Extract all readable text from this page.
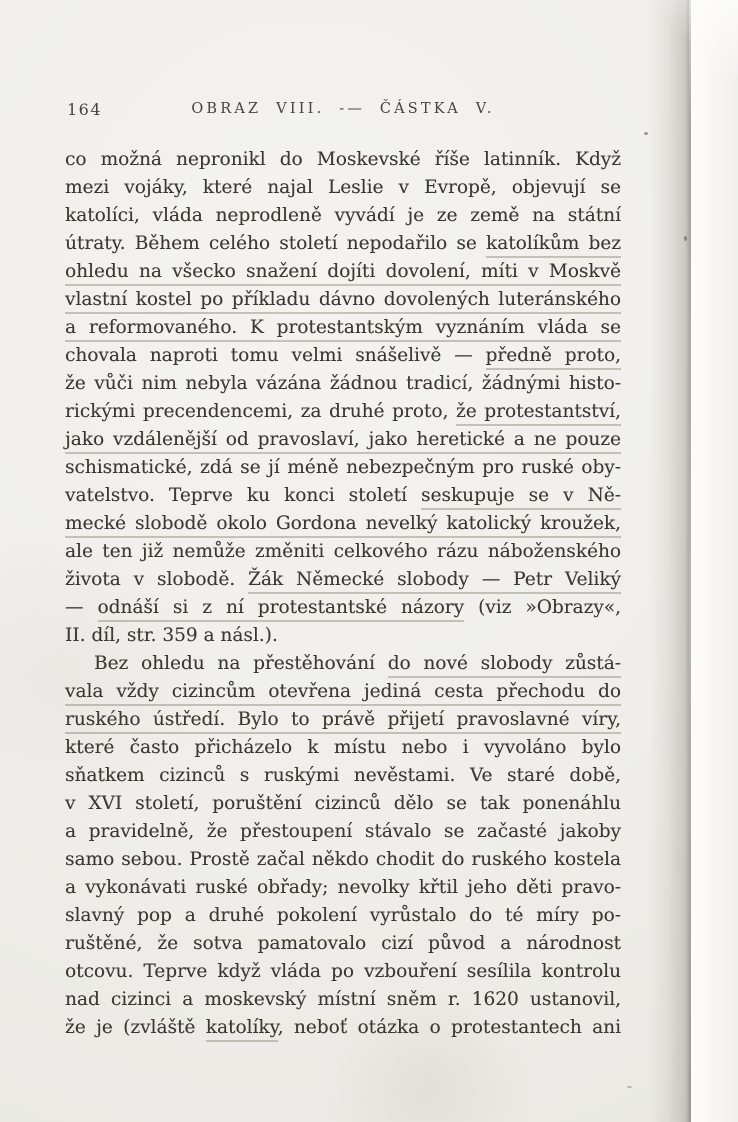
164	OBRAZ VIII. -— ČÁSTKA V.
co možná nepronikl do Moskevské říše latinník. Když
mezi vojáky, které najal Leslie v Evropě, objevují se
katolíci, vláda neprodleně vyvádí je ze země na státní
útraty. Během celého století nepodařilo se katolíkům bez
ohledu na všecko snažení dojíti dovolení, míti v Moskvě
vlastní kostel po příkladu dávno dovolených luteránského
a reformovaného. K protestantským vyznáním vláda se
chovala naproti tomu velmi snášelivě — předně proto,
že vůči nim nebyla vázána žádnou tradicí, žádnými histo-
rickými precendencemi, za druhé proto, že protestantství,
jako vzdálenější od pravoslaví, jako heretické a ne pouze
schismatické, zdá se jí méně nebezpečným pro ruské oby-
vatelstvo. Teprve ku konci století seskupuje se v Ně-
mecké slobodě okolo Gordona nevelký katolický kroužek,
ale ten již nemůže změniti celkového rázu náboženského
života v slobodě. Žák Německé slobody — Petr Veliký
— odnáší si z ní protestantské názory (viz »Obrazy«,
II. díl, str. 359 a násl.).
Bez ohledu na přestěhování do nové slobody zůstá-
vala vždy cizincům otevřena jediná cesta přechodu do
ruského ústředí. Bylo to právě přijetí pravoslavné víry,
které často přicházelo k místu nebo i vyvoláno bylo
sňatkem cizinců s ruskými nevěstami. Ve staré době,
v XVI století, poruštění cizinců dělo se tak ponenáhlu
a pravidelně, že přestoupení stávalo se začasté jakoby
samo sebou. Prostě začal někdo chodit do ruského kostela
a vykonávati ruské obřady; nevolky křtil jeho děti pravo-
slavný pop a druhé pokolení vyrůstalo do té míry po-
ruštěné, že sotva pamatovalo cizí původ a národnost
otcovu. Teprve když vláda po vzbouření sesílila kontrolu
nad cizinci a moskevský místní sněm r. 1620 ustanovil,
že je (zvláště katolíky, neboť otázka o protestantech ani
